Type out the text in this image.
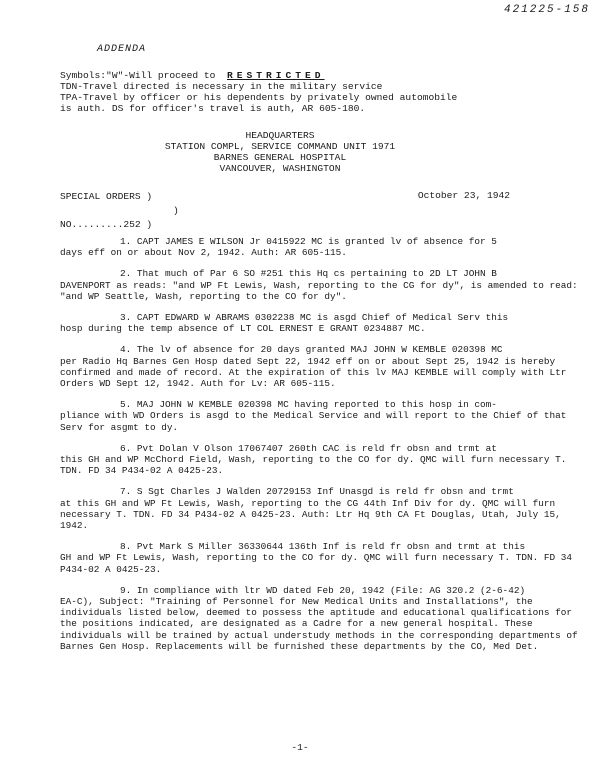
421225-158
ADDENDA
Symbols:"W"-Will proceed to RESTRICTED
TDN-Travel directed is necessary in the military service
TPA-Travel by officer or his dependents by privately owned automobile
is auth. DS for officer's travel is auth, AR 605-180.
HEADQUARTERS
STATION COMPL, SERVICE COMMAND UNIT 1971
BARNES GENERAL HOSPITAL
VANCOUVER, WASHINGTON
SPECIAL ORDERS )
)
NO.........252 )
October 23, 1942
1. CAPT JAMES E WILSON Jr 0415922 MC is granted lv of absence for 5
days eff on or about Nov 2, 1942. Auth: AR 605-115.
2. That much of Par 6 SO #251 this Hq cs pertaining to 2D LT JOHN B
DAVENPORT as reads: "and WP Ft Lewis, Wash, reporting to the CG for dy", is amended to read: "and WP Seattle, Wash, reporting to the CO for dy".
3. CAPT EDWARD W ABRAMS 0302238 MC is asgd Chief of Medical Serv this
hosp during the temp absence of LT COL ERNEST E GRANT 0234887 MC.
4. The lv of absence for 20 days granted MAJ JOHN W KEMBLE 020398 MC
per Radio Hq Barnes Gen Hosp dated Sept 22, 1942 eff on or about Sept 25, 1942 is hereby confirmed and made of record. At the expiration of this lv MAJ KEMBLE will comply with Ltr Orders WD Sept 12, 1942. Auth for Lv: AR 605-115.
5. MAJ JOHN W KEMBLE 020398 MC having reported to this hosp in com-
pliance with WD Orders is asgd to the Medical Service and will report to the Chief of that Serv for asgmt to dy.
6. Pvt Dolan V Olson 17067407 260th CAC is reld fr obsn and trmt at
this GH and WP McChord Field, Wash, reporting to the CO for dy. QMC will furn necessary T. TDN. FD 34 P434-02 A 0425-23.
7. S Sgt Charles J Walden 20729153 Inf Unasgd is reld fr obsn and trmt
at this GH and WP Ft Lewis, Wash, reporting to the CG 44th Inf Div for dy. QMC will furn necessary T. TDN. FD 34 P434-02 A 0425-23. Auth: Ltr Hq 9th CA Ft Douglas, Utah, July 15, 1942.
8. Pvt Mark S Miller 36330644 136th Inf is reld fr obsn and trmt at this
GH and WP Ft Lewis, Wash, reporting to the CO for dy. QMC will furn necessary T. TDN. FD 34 P434-02 A 0425-23.
9. In compliance with ltr WD dated Feb 20, 1942 (File: AG 320.2 (2-6-42)
EA-C), Subject: "Training of Personnel for New Medical Units and Installations", the individuals listed below, deemed to possess the aptitude and educational qualifications for the positions indicated, are designated as a Cadre for a new general hospital. These individuals will be trained by actual understudy methods in the corresponding departments of Barnes Gen Hosp. Replacements will be furnished these departments by the CO, Med Det.
-1-
